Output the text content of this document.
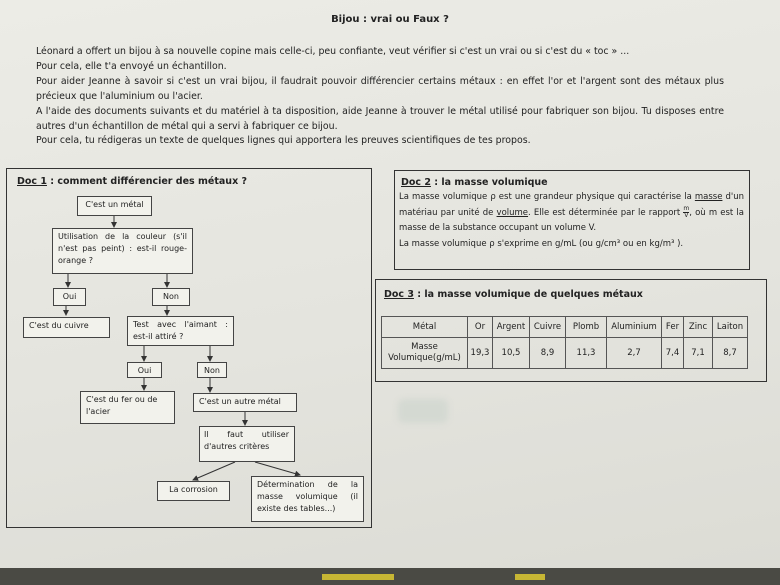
Bijou : vrai ou Faux ?

Léonard a offert un bijou à sa nouvelle copine mais celle-ci, peu confiante, veut vérifier si c'est un vrai ou si c'est du « toc » ...

Pour cela, elle t'a envoyé un échantillon.

Pour aider Jeanne à savoir si c'est un vrai bijou, il faudrait pouvoir différencier certains métaux : en effet l'or et l'argent sont des métaux plus précieux que l'aluminium ou l'acier.

A l'aide des documents suivants et du matériel à ta disposition, aide Jeanne à trouver le métal utilisé pour fabriquer son bijou. Tu disposes entre autres d'un échantillon de métal qui a servi à fabriquer ce bijou.

Pour cela, tu rédigeras un texte de quelques lignes qui apportera les preuves scientifiques de tes propos.

Doc 1 : comment différencier des métaux ?
C'est un métal
Utilisation de la couleur (s'il n'est pas peint) : est-il rouge-orange ?
Oui	Non
C'est du cuivre	Test avec l'aimant : est-il attiré ?
Oui	Non
C'est du fer ou de l'acier
C'est un autre métal
Il faut utiliser d'autres critères
La corrosion
Détermination de la masse volumique (il existe des tables...)
Doc 2 : la masse volumique

La masse volumique ρ est une grandeur physique qui caractérise la masse d'un matériau par unité de volume. Elle est déterminée par le rapport $\frac{m}{V}$ , où m est la masse de la substance occupant un volume V.

La masse volumique ρ s'exprime en g/mL (ou g/cm³ ou en kg/m³ ).

Doc 3 : la masse volumique de quelques métaux
Métal	Or	Argent	Cuivre	Plomb	Aluminium	Fer	Zinc	Laiton
Masse Volumique(g/mL)	19,3	10,5	8,9	11,3	2,7	7,4	7,1	8,7
